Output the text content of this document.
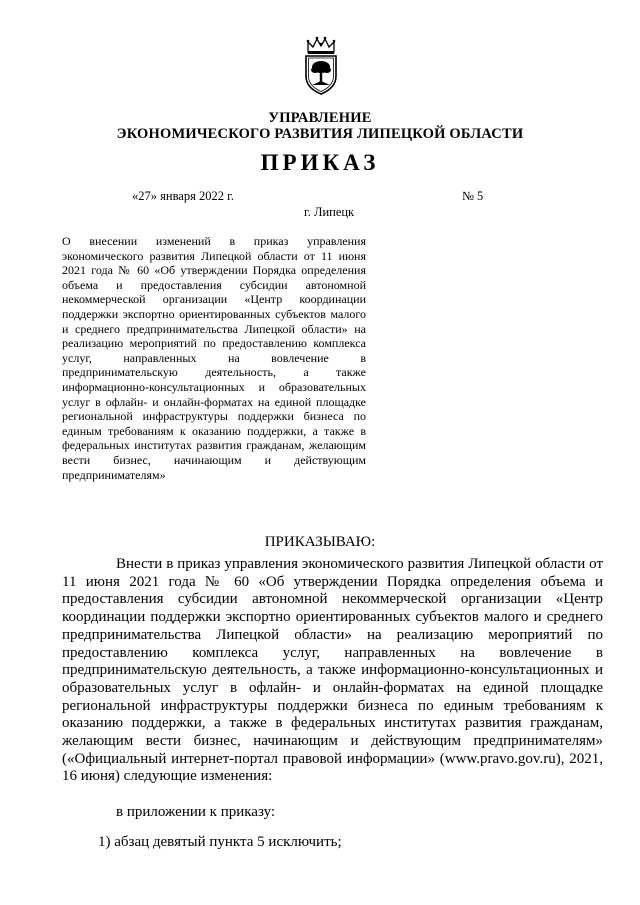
УПРАВЛЕНИЕ
ЭКОНОМИЧЕСКОГО РАЗВИТИЯ ЛИПЕЦКОЙ ОБЛАСТИ
ПРИКАЗ
«27» января 2022 г.	№ 5
г. Липецк
О внесении изменений в приказ управления экономического развития Липецкой области от 11 июня 2021 года № 60 «Об утверждении Порядка определения объема и предоставления субсидии автономной некоммерческой организации «Центр координации поддержки экспортно ориентированных субъектов малого и среднего предпринимательства Липецкой области» на реализацию мероприятий по предоставлению комплекса услуг, направленных на вовлечение в предпринимательскую деятельность, а также информационно-консультационных и образовательных услуг в офлайн- и онлайн-форматах на единой площадке региональной инфраструктуры поддержки бизнеса по единым требованиям к оказанию поддержки, а также в федеральных институтах развития гражданам, желающим вести бизнес, начинающим и действующим предпринимателям»
ПРИКАЗЫВАЮ:
Внести в приказ управления экономического развития Липецкой области от 11 июня 2021 года № 60 «Об утверждении Порядка определения объема и предоставления субсидии автономной некоммерческой организации «Центр координации поддержки экспортно ориентированных субъектов малого и среднего предпринимательства Липецкой области» на реализацию мероприятий по предоставлению комплекса услуг, направленных на вовлечение в предпринимательскую деятельность, а также информационно-консультационных и образовательных услуг в офлайн- и онлайн-форматах на единой площадке региональной инфраструктуры поддержки бизнеса по единым требованиям к оказанию поддержки, а также в федеральных институтах развития гражданам, желающим вести бизнес, начинающим и действующим предпринимателям» («Официальный интернет-портал правовой информации» (www.pravo.gov.ru), 2021, 16 июня) следующие изменения:
в приложении к приказу:
1) абзац девятый пункта 5 исключить;
